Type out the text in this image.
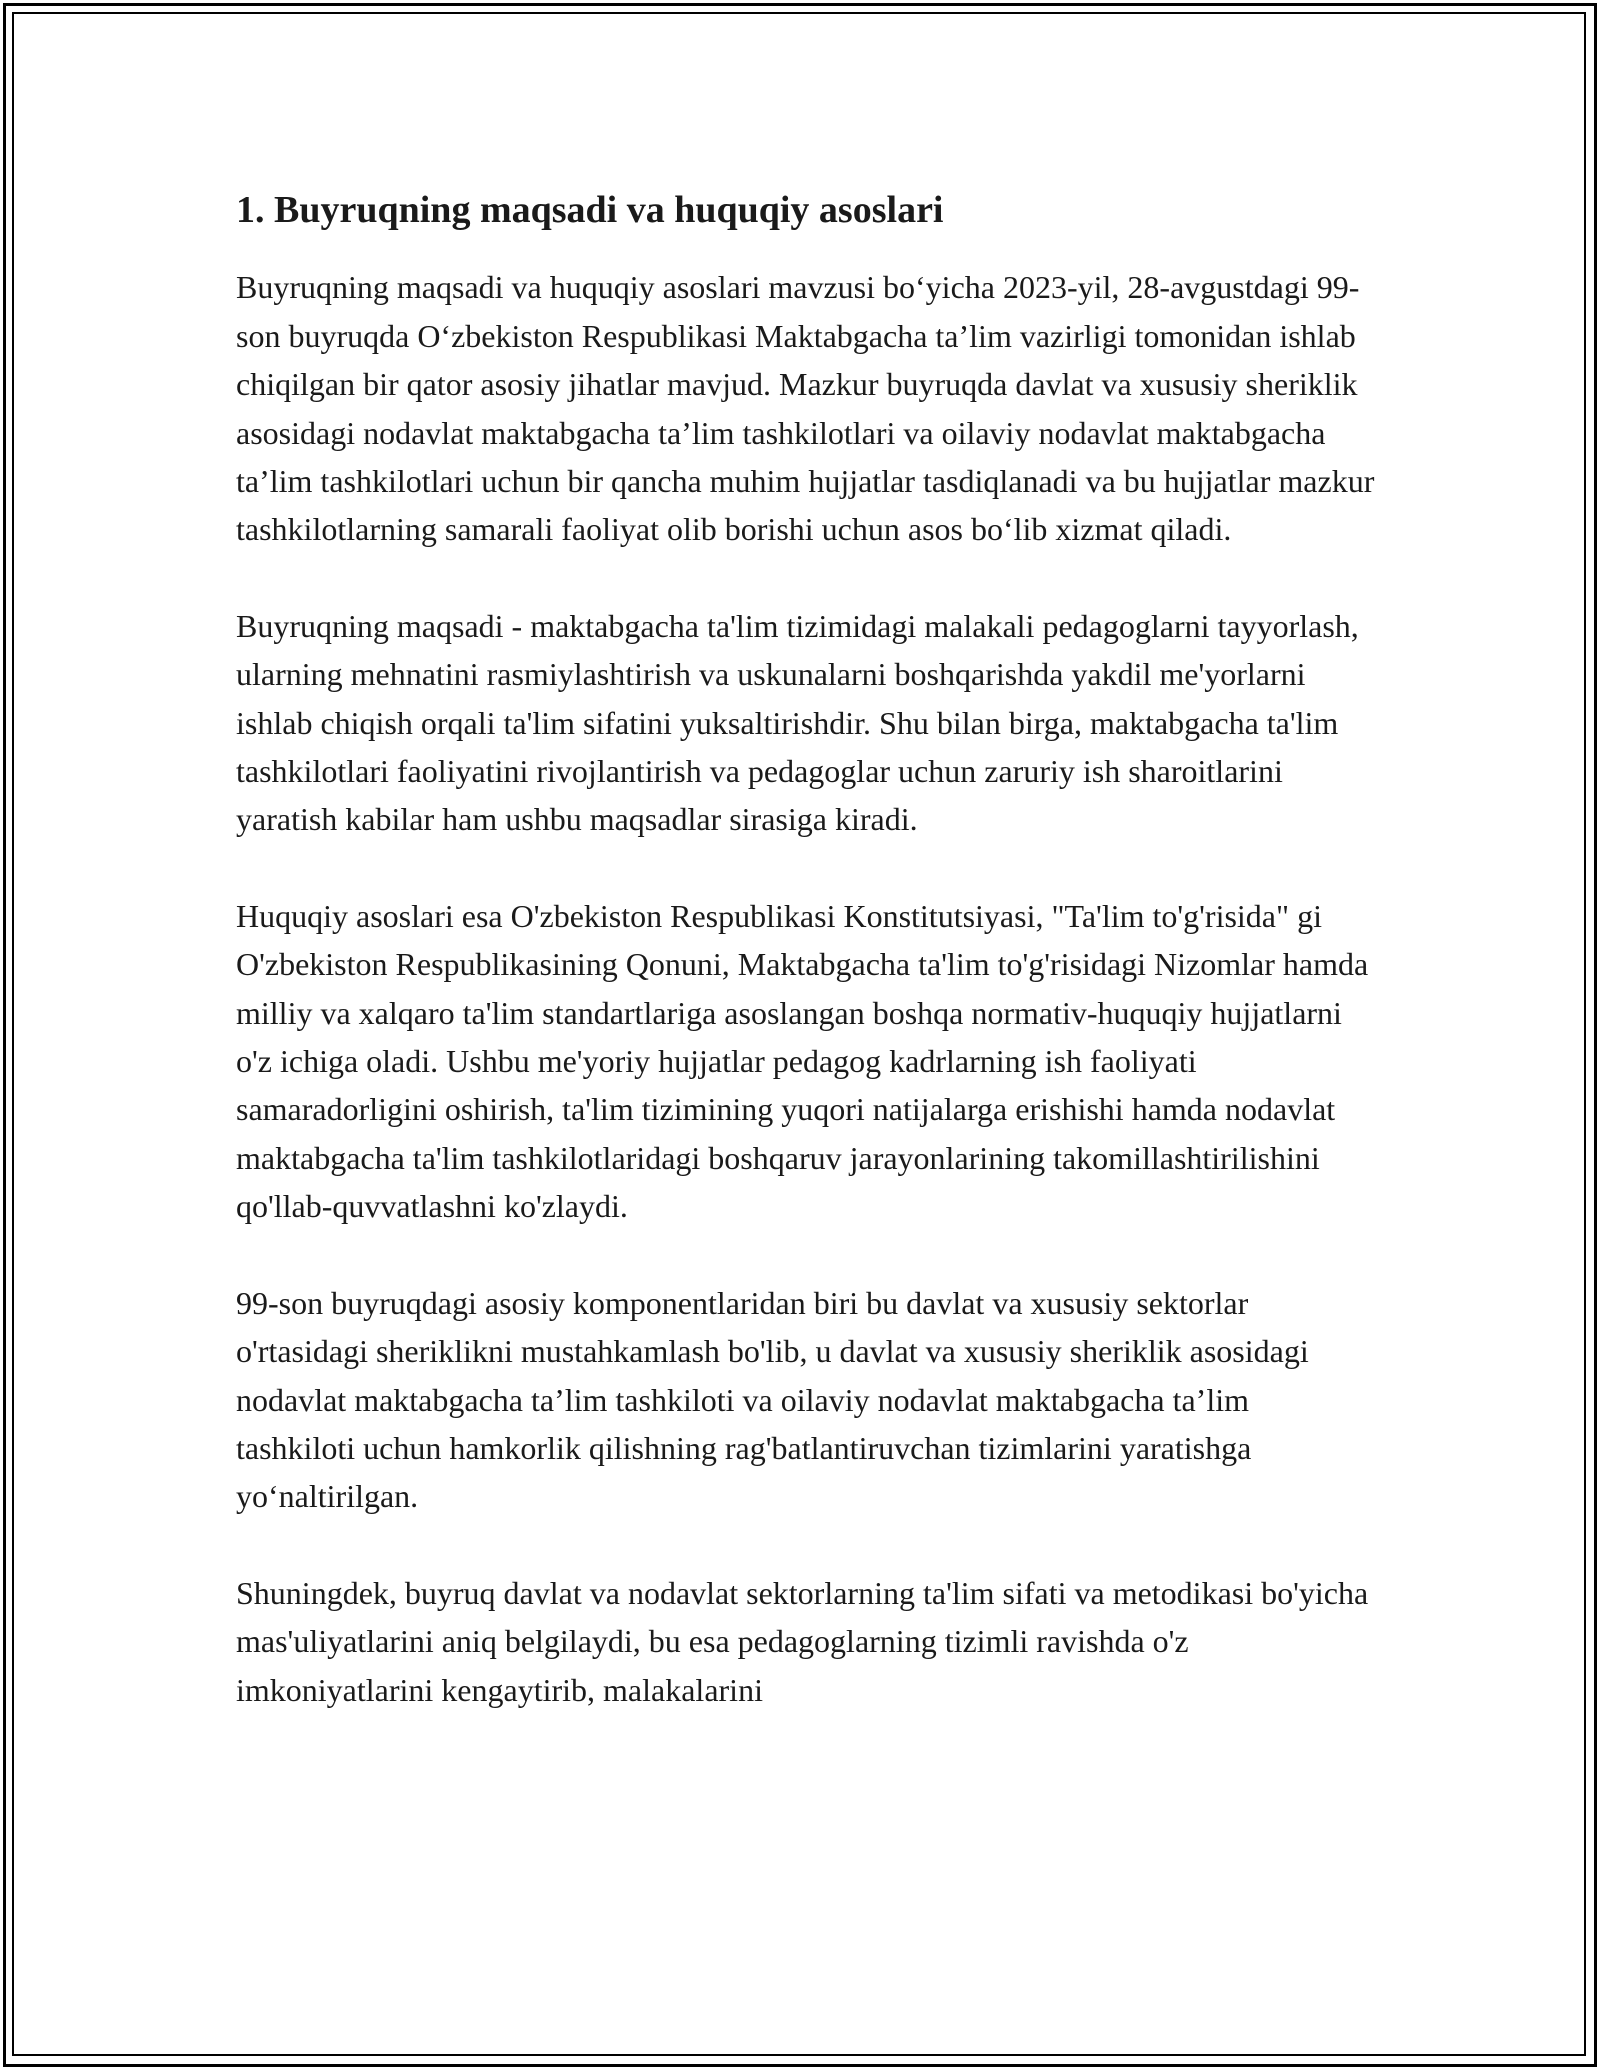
1. Buyruqning maqsadi va huquqiy asoslari

Buyruqning maqsadi va huquqiy asoslari mavzusi bo‘yicha 2023-yil, 28-avgustdagi 99-son buyruqda O‘zbekiston Respublikasi Maktabgacha ta’lim vazirligi tomonidan ishlab chiqilgan bir qator asosiy jihatlar mavjud. Mazkur buyruqda davlat va xususiy sheriklik asosidagi nodavlat maktabgacha ta’lim tashkilotlari va oilaviy nodavlat maktabgacha ta’lim tashkilotlari uchun bir qancha muhim hujjatlar tasdiqlanadi va bu hujjatlar mazkur tashkilotlarning samarali faoliyat olib borishi uchun asos bo‘lib xizmat qiladi.

Buyruqning maqsadi - maktabgacha ta'lim tizimidagi malakali pedagoglarni tayyorlash, ularning mehnatini rasmiylashtirish va uskunalarni boshqarishda yakdil me'yorlarni ishlab chiqish orqali ta'lim sifatini yuksaltirishdir. Shu bilan birga, maktabgacha ta'lim tashkilotlari faoliyatini rivojlantirish va pedagoglar uchun zaruriy ish sharoitlarini yaratish kabilar ham ushbu maqsadlar sirasiga kiradi.

Huquqiy asoslari esa O'zbekiston Respublikasi Konstitutsiyasi, "Ta'lim to'g'risida" gi O'zbekiston Respublikasining Qonuni, Maktabgacha ta'lim to'g'risidagi Nizomlar hamda milliy va xalqaro ta'lim standartlariga asoslangan boshqa normativ-huquqiy hujjatlarni o'z ichiga oladi. Ushbu me'yoriy hujjatlar pedagog kadrlarning ish faoliyati samaradorligini oshirish, ta'lim tizimining yuqori natijalarga erishishi hamda nodavlat maktabgacha ta'lim tashkilotlaridagi boshqaruv jarayonlarining takomillashtirilishini qo'llab-quvvatlashni ko'zlaydi.

99-son buyruqdagi asosiy komponentlaridan biri bu davlat va xususiy sektorlar o'rtasidagi sheriklikni mustahkamlash bo'lib, u davlat va xususiy sheriklik asosidagi nodavlat maktabgacha ta’lim tashkiloti va oilaviy nodavlat maktabgacha ta’lim tashkiloti uchun hamkorlik qilishning rag'batlantiruvchan tizimlarini yaratishga yo‘naltirilgan.

Shuningdek, buyruq davlat va nodavlat sektorlarning ta'lim sifati va metodikasi bo'yicha mas'uliyatlarini aniq belgilaydi, bu esa pedagoglarning tizimli ravishda o'z imkoniyatlarini kengaytirib, malakalarini
